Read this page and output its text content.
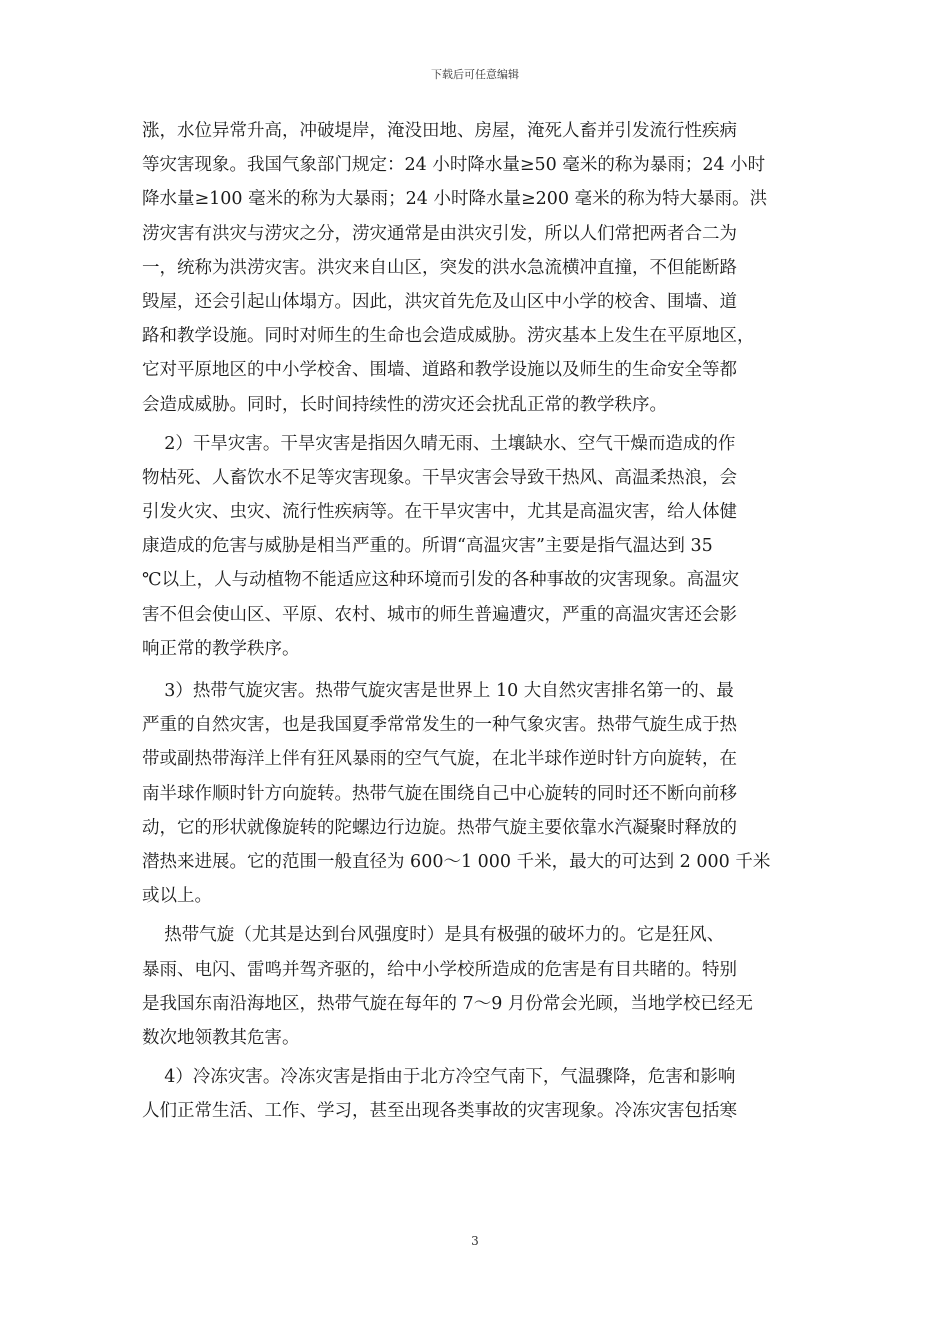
下载后可任意编辑
涨，水位异常升高，冲破堤岸，淹没田地、房屋，淹死人畜并引发流行性疾病
等灾害现象。我国气象部门规定：24 小时降水量≥50 毫米的称为暴雨；24 小时
降水量≥100 毫米的称为大暴雨；24 小时降水量≥200 毫米的称为特大暴雨。洪
涝灾害有洪灾与涝灾之分，涝灾通常是由洪灾引发，所以人们常把两者合二为
一，统称为洪涝灾害。洪灾来自山区，突发的洪水急流横冲直撞，不但能断路
毁屋，还会引起山体塌方。因此，洪灾首先危及山区中小学的校舍、围墙、道
路和教学设施。同时对师生的生命也会造成威胁。涝灾基本上发生在平原地区，
它对平原地区的中小学校舍、围墙、道路和教学设施以及师生的生命安全等都
会造成威胁。同时，长时间持续性的涝灾还会扰乱正常的教学秩序。
2）干旱灾害。干旱灾害是指因久晴无雨、土壤缺水、空气干燥而造成的作
物枯死、人畜饮水不足等灾害现象。干旱灾害会导致干热风、高温柔热浪，会
引发火灾、虫灾、流行性疾病等。在干旱灾害中，尤其是高温灾害，给人体健
康造成的危害与威胁是相当严重的。所谓“高温灾害”主要是指气温达到 35
℃以上，人与动植物不能适应这种环境而引发的各种事故的灾害现象。高温灾
害不但会使山区、平原、农村、城市的师生普遍遭灾，严重的高温灾害还会影
响正常的教学秩序。
3）热带气旋灾害。热带气旋灾害是世界上 10 大自然灾害排名第一的、最
严重的自然灾害，也是我国夏季常常发生的一种气象灾害。热带气旋生成于热
带或副热带海洋上伴有狂风暴雨的空气气旋，在北半球作逆时针方向旋转，在
南半球作顺时针方向旋转。热带气旋在围绕自己中心旋转的同时还不断向前移
动，它的形状就像旋转的陀螺边行边旋。热带气旋主要依靠水汽凝聚时释放的
潜热来进展。它的范围一般直径为 600～1 000 千米，最大的可达到 2 000 千米
或以上。
热带气旋（尤其是达到台风强度时）是具有极强的破坏力的。它是狂风、
暴雨、电闪、雷鸣并驾齐驱的，给中小学校所造成的危害是有目共睹的。特别
是我国东南沿海地区，热带气旋在每年的 7～9 月份常会光顾，当地学校已经无
数次地领教其危害。
4）冷冻灾害。冷冻灾害是指由于北方冷空气南下，气温骤降，危害和影响
人们正常生活、工作、学习，甚至出现各类事故的灾害现象。冷冻灾害包括寒
3
